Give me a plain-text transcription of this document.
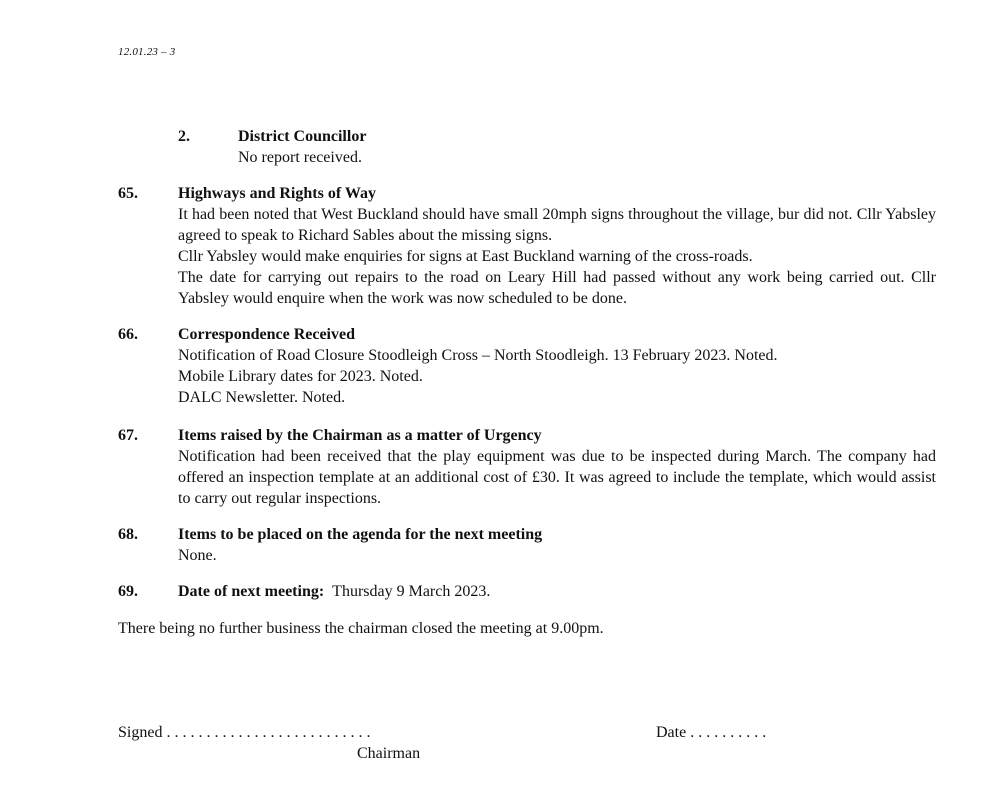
12.01.23 – 3
2.	District Councillor
No report received.
65.	Highways and Rights of Way
It had been noted that West Buckland should have small 20mph signs throughout the village, bur did not. Cllr Yabsley agreed to speak to Richard Sables about the missing signs.
Cllr Yabsley would make enquiries for signs at East Buckland warning of the cross-roads.
The date for carrying out repairs to the road on Leary Hill had passed without any work being carried out. Cllr Yabsley would enquire when the work was now scheduled to be done.
66.	Correspondence Received
Notification of Road Closure Stoodleigh Cross – North Stoodleigh. 13 February 2023. Noted.
Mobile Library dates for 2023. Noted.
DALC Newsletter. Noted.
67.	Items raised by the Chairman as a matter of Urgency
Notification had been received that the play equipment was due to be inspected during March. The company had offered an inspection template at an additional cost of £30. It was agreed to include the template, which would assist to carry out regular inspections.
68.	Items to be placed on the agenda for the next meeting
None.
69.	Date of next meeting: Thursday 9 March 2023.
There being no further business the chairman closed the meeting at 9.00pm.
Signed . . . . . . . . . . . . . . . . . . . . . . . . . .	Date . . . . . . . . . .
Chairman
